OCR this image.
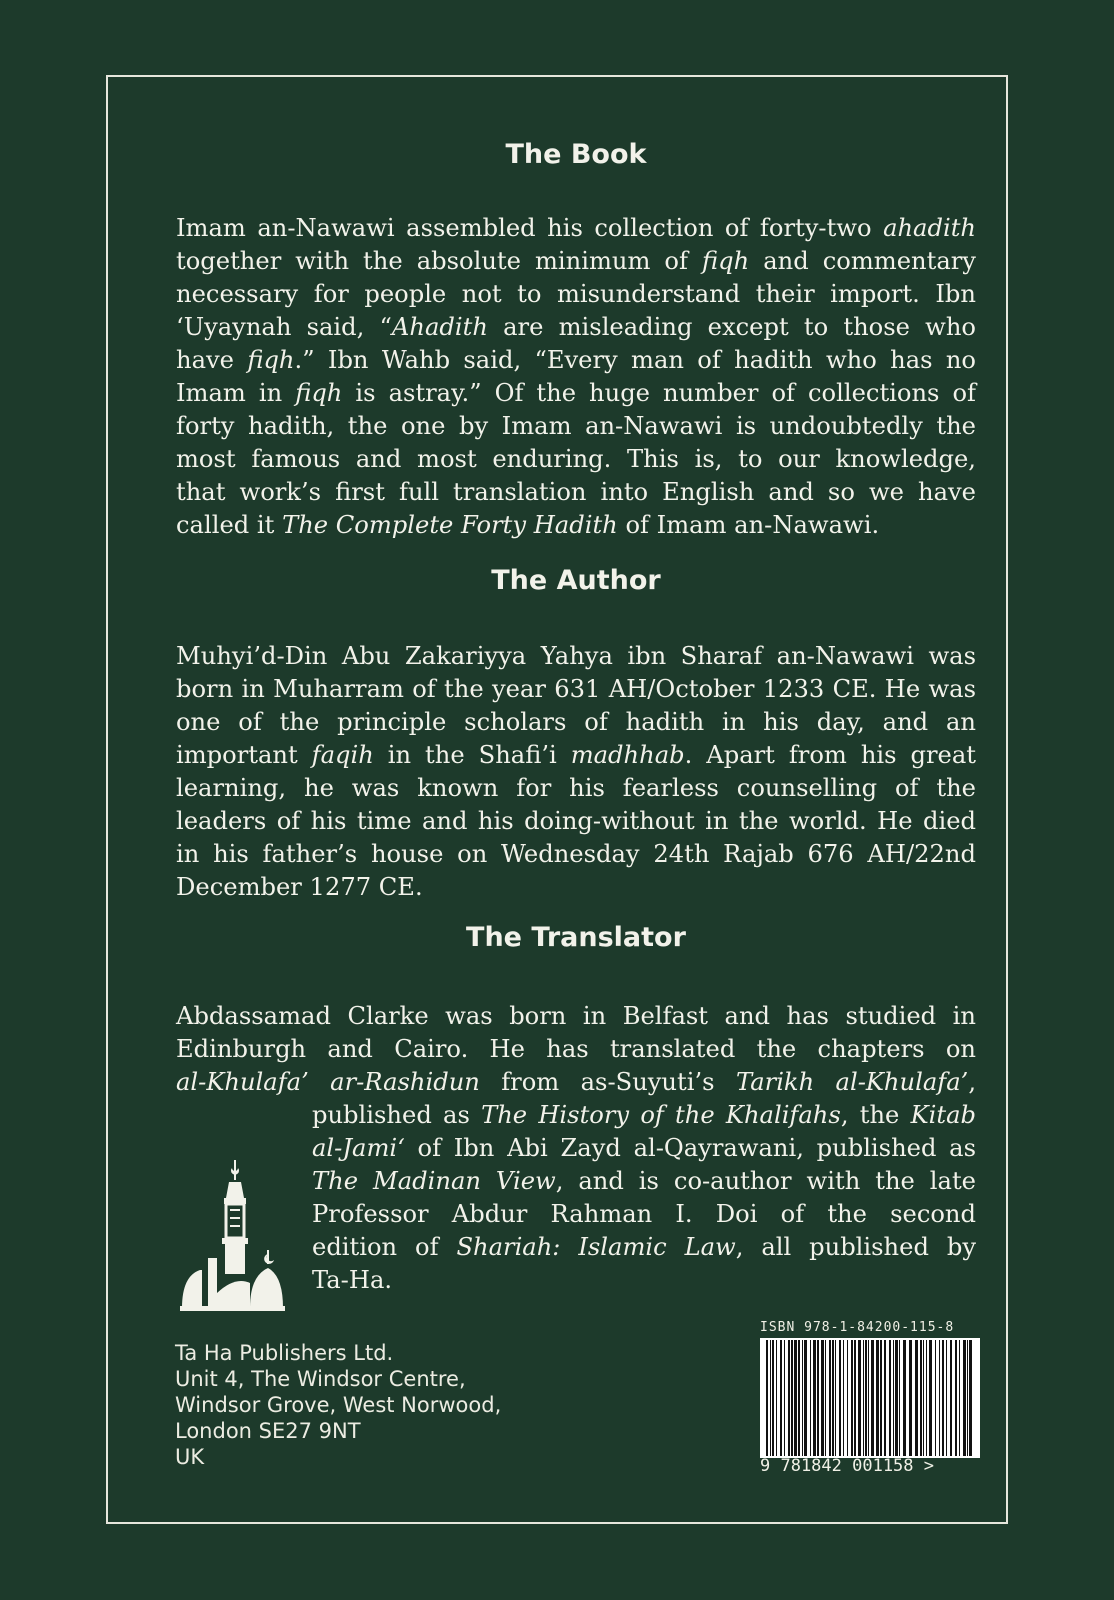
The Book
Imam an-Nawawi assembled his collection of forty-two ahadith
together with the absolute minimum of fiqh and commentary
necessary for people not to misunderstand their import. Ibn
‘Uyaynah said, “Ahadith are misleading except to those who
have fiqh.” Ibn Wahb said, “Every man of hadith who has no
Imam in fiqh is astray.” Of the huge number of collections of
forty hadith, the one by Imam an-Nawawi is undoubtedly the
most famous and most enduring. This is, to our knowledge,
that work’s first full translation into English and so we have
called it The Complete Forty Hadith of Imam an-Nawawi.
The Author
Muhyi’d-Din Abu Zakariyya Yahya ibn Sharaf an-Nawawi was
born in Muharram of the year 631 AH/October 1233 CE. He was
one of the principle scholars of hadith in his day, and an
important faqih in the Shafi’i madhhab. Apart from his great
learning, he was known for his fearless counselling of the
leaders of his time and his doing-without in the world. He died
in his father’s house on Wednesday 24th Rajab 676 AH/22nd
December 1277 CE.
The Translator
Abdassamad Clarke was born in Belfast and has studied in
Edinburgh and Cairo. He has translated the chapters on
al-Khulafa’ ar-Rashidun from as-Suyuti’s Tarikh al-Khulafa’,
published as The History of the Khalifahs, the Kitab
al-Jami‘ of Ibn Abi Zayd al-Qayrawani, published as
The Madinan View, and is co-author with the late
Professor Abdur Rahman I. Doi of the second
edition of Shariah: Islamic Law, all published by
Ta-Ha.
Ta Ha Publishers Ltd.
Unit 4, The Windsor Centre,
Windsor Grove, West Norwood,
London SE27 9NT
UK
ISBN 978-1-84200-115-8
9 781842 001158 >
